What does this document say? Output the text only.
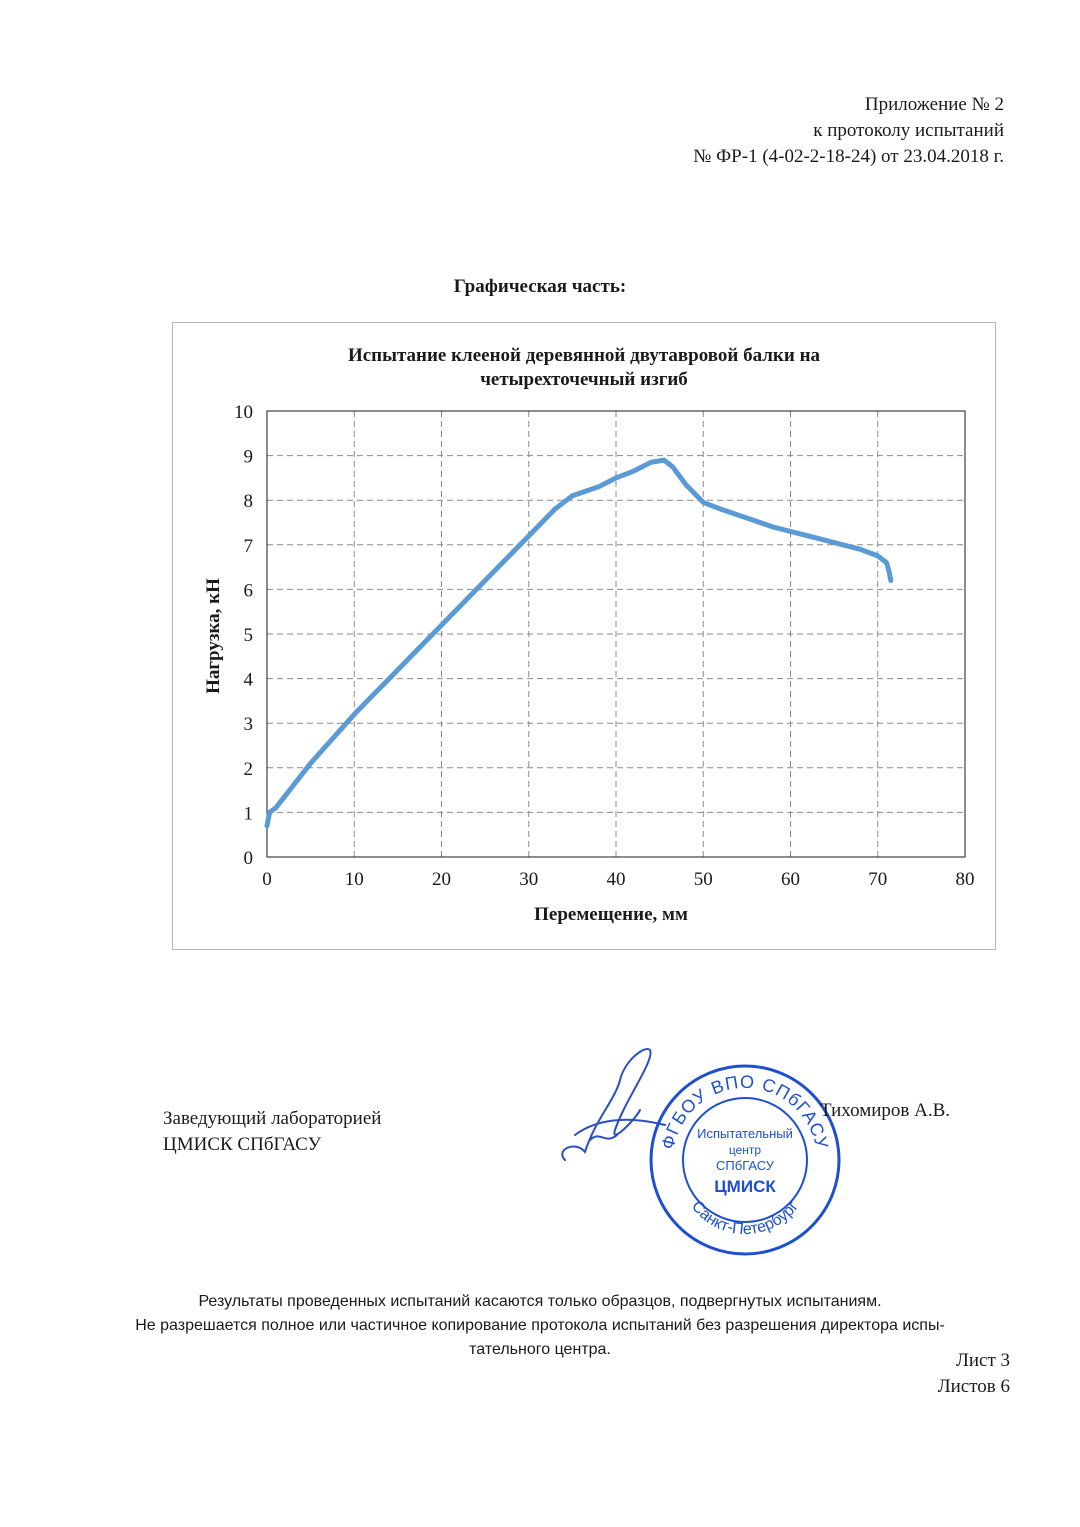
Приложение № 2
к протоколу испытаний
№ ФР-1 (4-02-2-18-24) от 23.04.2018 г.
Графическая часть:
Испытание клееной деревянной двутавровой балки на
четырехточечный изгиб
0	10	20	30	40	50	60	70	80
0
1
2
3
4
5
6
7
8
9
10
Перемещение, мм
Нагрузка, кН
Заведующий лабораторией
ЦМИСК СПбГАСУ	ФГБОУ ВПО СПбГАСУ
Санкт-Петербург
Испытательный
центр
СПбГАСУ
ЦМИСК
Тихомиров А.В.
Результаты проведенных испытаний касаются только образцов, подвергнутых испытаниям.
Не разрешается полное или частичное копирование протокола испытаний без разрешения директора испы-
тательного центра.
Лист 3
Листов 6
